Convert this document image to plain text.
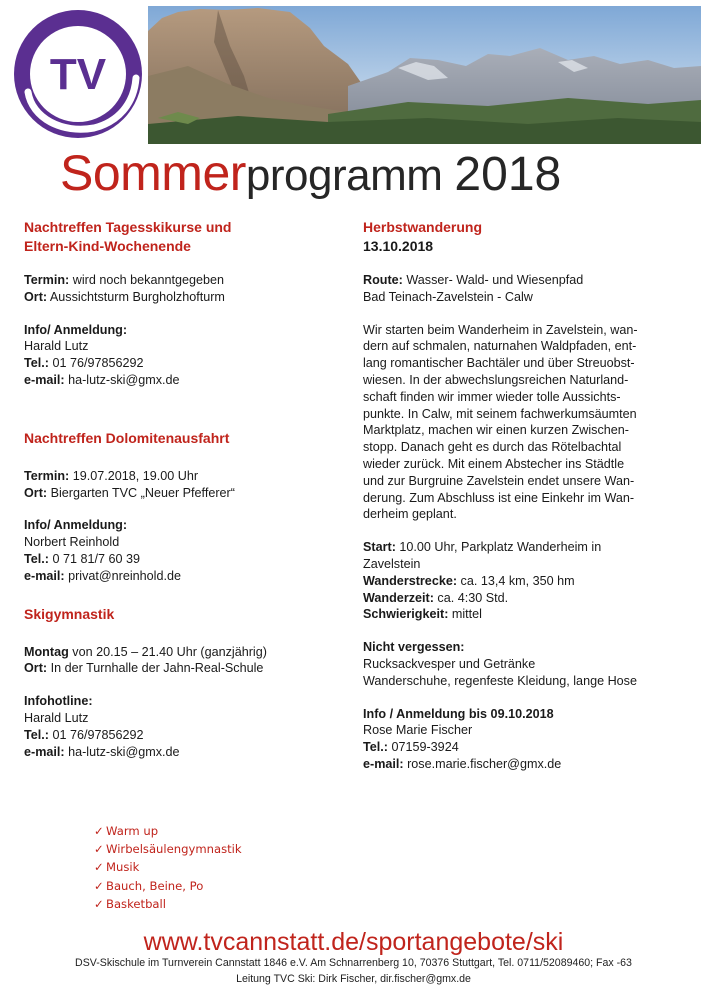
TV
Sommerprogramm 2018
Nachtreffen Tagesskikurse und
Eltern-Kind-Wochenende
Termin: wird noch bekanntgegeben
Ort: Aussichtsturm Burgholzhofturm
Info/ Anmeldung:
Harald Lutz
Tel.: 01 76/97856292
e-mail: ha-lutz-ski@gmx.de
Nachtreffen Dolomitenausfahrt
Termin: 19.07.2018, 19.00 Uhr
Ort: Biergarten TVC „Neuer Pfefferer“
Info/ Anmeldung:
Norbert Reinhold
Tel.: 0 71 81/7 60 39
e-mail: privat@nreinhold.de
Skigymnastik
Montag von 20.15 – 21.40 Uhr (ganzjährig)
Ort: In der Turnhalle der Jahn-Real-Schule
Infohotline:
Harald Lutz
Tel.: 01 76/97856292
e-mail: ha-lutz-ski@gmx.de
Herbstwanderung
13.10.2018
Route: Wasser- Wald- und Wiesenpfad
Bad Teinach-Zavelstein - Calw
Wir starten beim Wanderheim in Zavelstein, wan-
dern auf schmalen, naturnahen Waldpfaden, ent-
lang romantischer Bachtäler und über Streuobst-
wiesen. In der abwechslungsreichen Naturland-
schaft finden wir immer wieder tolle Aussichts-
punkte. In Calw, mit seinem fachwerkumsäumten
Marktplatz, machen wir einen kurzen Zwischen-
stopp. Danach geht es durch das Rötelbachtal
wieder zurück. Mit einem Abstecher ins Städtle
und zur Burgruine Zavelstein endet unsere Wan-
derung. Zum Abschluss ist eine Einkehr im Wan-
derheim geplant.
Start: 10.00 Uhr, Parkplatz Wanderheim in
Zavelstein
Wanderstrecke: ca. 13,4 km, 350 hm
Wanderzeit: ca. 4:30 Std.
Schwierigkeit: mittel
Nicht vergessen:
Rucksackvesper und Getränke
Wanderschuhe, regenfeste Kleidung, lange Hose
Info / Anmeldung bis 09.10.2018
Rose Marie Fischer
Tel.: 07159-3924
e-mail: rose.marie.fischer@gmx.de
✓ Warm up
✓ Wirbelsäulengymnastik
✓ Musik
✓ Bauch, Beine, Po
✓ Basketball
www.tvcannstatt.de/sportangebote/ski
DSV-Skischule im Turnverein Cannstatt 1846 e.V. Am Schnarrenberg 10, 70376 Stuttgart, Tel. 0711/52089460; Fax -63
Leitung TVC Ski: Dirk Fischer, dir.fischer@gmx.de
